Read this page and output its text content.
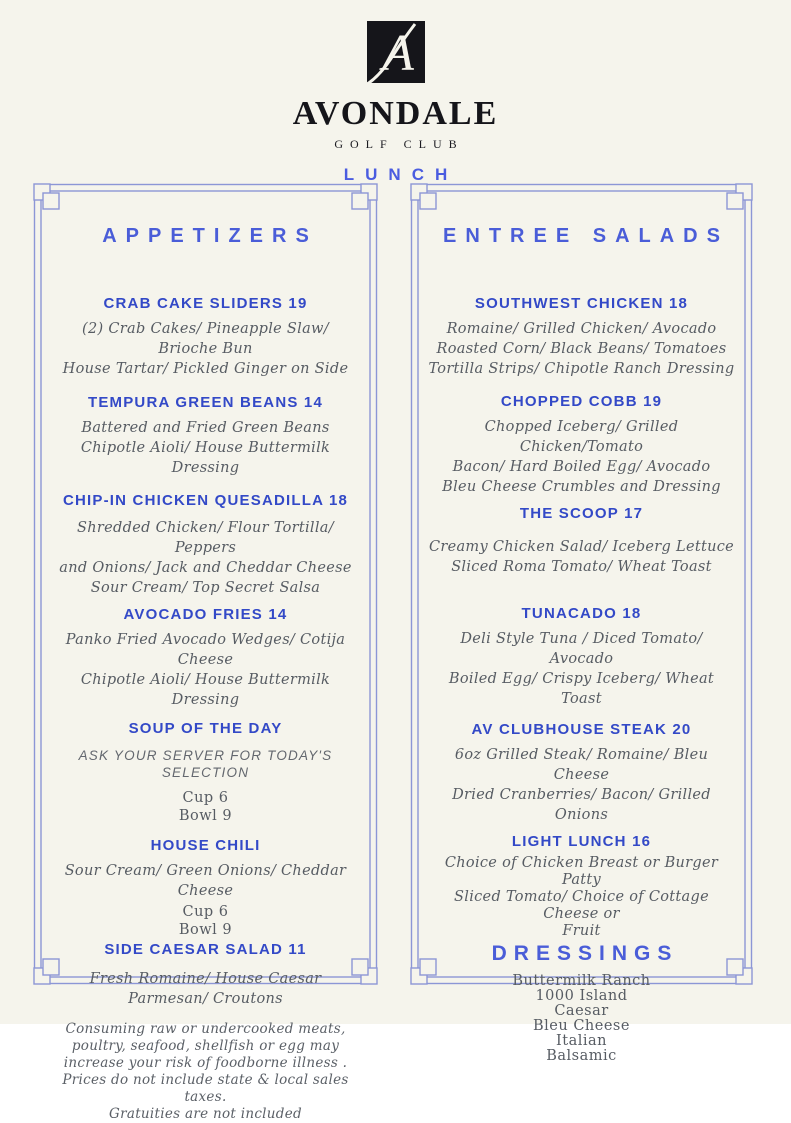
A
AVONDALE
GOLF CLUB
LUNCH
APPETIZERS
CRAB CAKE SLIDERS 19

(2) Crab Cakes/ Pineapple Slaw/ Brioche Bun

House Tartar/ Pickled Ginger on Side

TEMPURA GREEN BEANS 14

Battered and Fried Green Beans

Chipotle Aioli/ House Buttermilk Dressing

CHIP-IN CHICKEN QUESADILLA 18

Shredded Chicken/ Flour Tortilla/ Peppers

and Onions/ Jack and Cheddar Cheese

Sour Cream/ Top Secret Salsa

AVOCADO FRIES 14

Panko Fried Avocado Wedges/ Cotija Cheese

Chipotle Aioli/ House Buttermilk Dressing

SOUP OF THE DAY

ASK YOUR SERVER FOR TODAY'S SELECTION

Cup 6

Bowl 9

HOUSE CHILI

Sour Cream/ Green Onions/ Cheddar Cheese

Cup 6

Bowl 9

SIDE CAESAR SALAD 11

Fresh Romaine/ House Caesar

Parmesan/ Croutons

Consuming raw or undercooked meats,

poultry, seafood, shellfish or egg may

increase your risk of foodborne illness .

Prices do not include state & local sales taxes.

Gratuities are not included

ENTREE SALADS
SOUTHWEST CHICKEN 18

Romaine/ Grilled Chicken/ Avocado

Roasted Corn/ Black Beans/ Tomatoes

Tortilla Strips/ Chipotle Ranch Dressing

CHOPPED COBB 19

Chopped Iceberg/ Grilled Chicken/Tomato

Bacon/ Hard Boiled Egg/ Avocado

Bleu Cheese Crumbles and Dressing

THE SCOOP 17

Creamy Chicken Salad/ Iceberg Lettuce

Sliced Roma Tomato/ Wheat Toast

TUNACADO 18

Deli Style Tuna / Diced Tomato/ Avocado

Boiled Egg/ Crispy Iceberg/ Wheat Toast

AV CLUBHOUSE STEAK 20

6oz Grilled Steak/ Romaine/ Bleu Cheese

Dried Cranberries/ Bacon/ Grilled Onions

LIGHT LUNCH 16

Choice of Chicken Breast or Burger Patty

Sliced Tomato/ Choice of Cottage Cheese or

Fruit

DRESSINGS

Buttermilk Ranch

1000 Island

Caesar

Bleu Cheese

Italian

Balsamic
